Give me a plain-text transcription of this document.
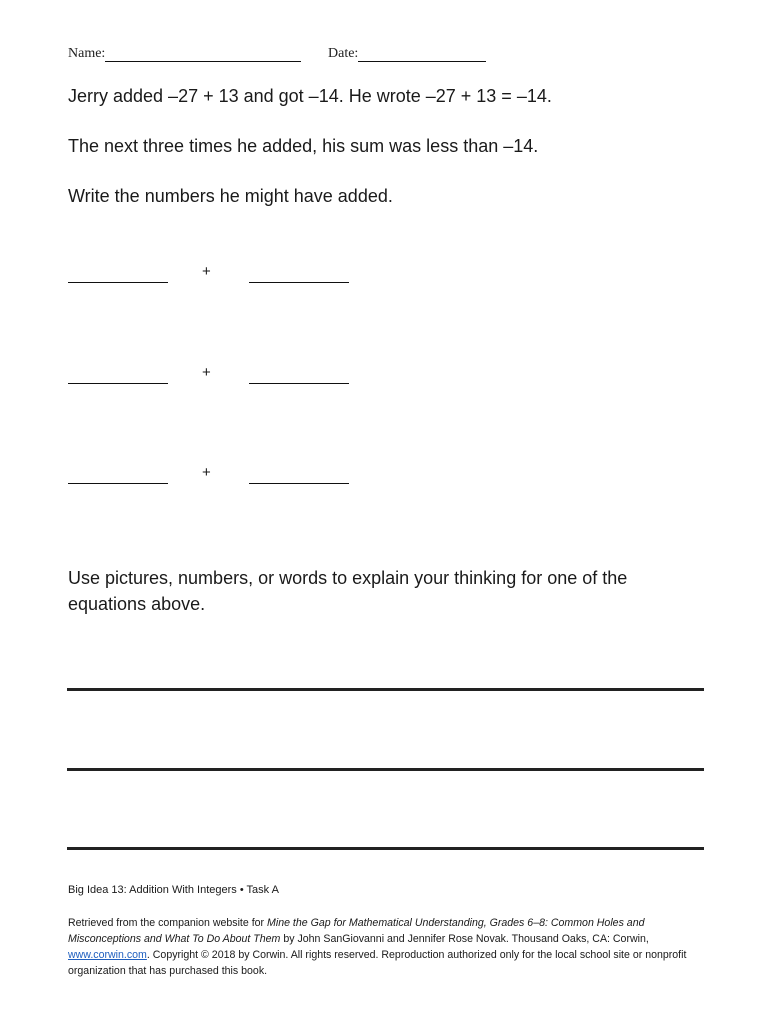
Name:	Date:

Jerry added –27 + 13 and got –14. He wrote –27 + 13 = –14.

The next three times he added, his sum was less than –14.

Write the numbers he might have added.

+
+
+

Use pictures, numbers, or words to explain your thinking for one of the equations above.

Big Idea 13: Addition With Integers • Task A

Retrieved from the companion website for Mine the Gap for Mathematical Understanding, Grades 6–8: Common Holes and Misconceptions and What To Do About Them by John SanGiovanni and Jennifer Rose Novak. Thousand Oaks, CA: Corwin, www.corwin.com. Copyright © 2018 by Corwin. All rights reserved. Reproduction authorized only for the local school site or nonprofit organization that has purchased this book.
